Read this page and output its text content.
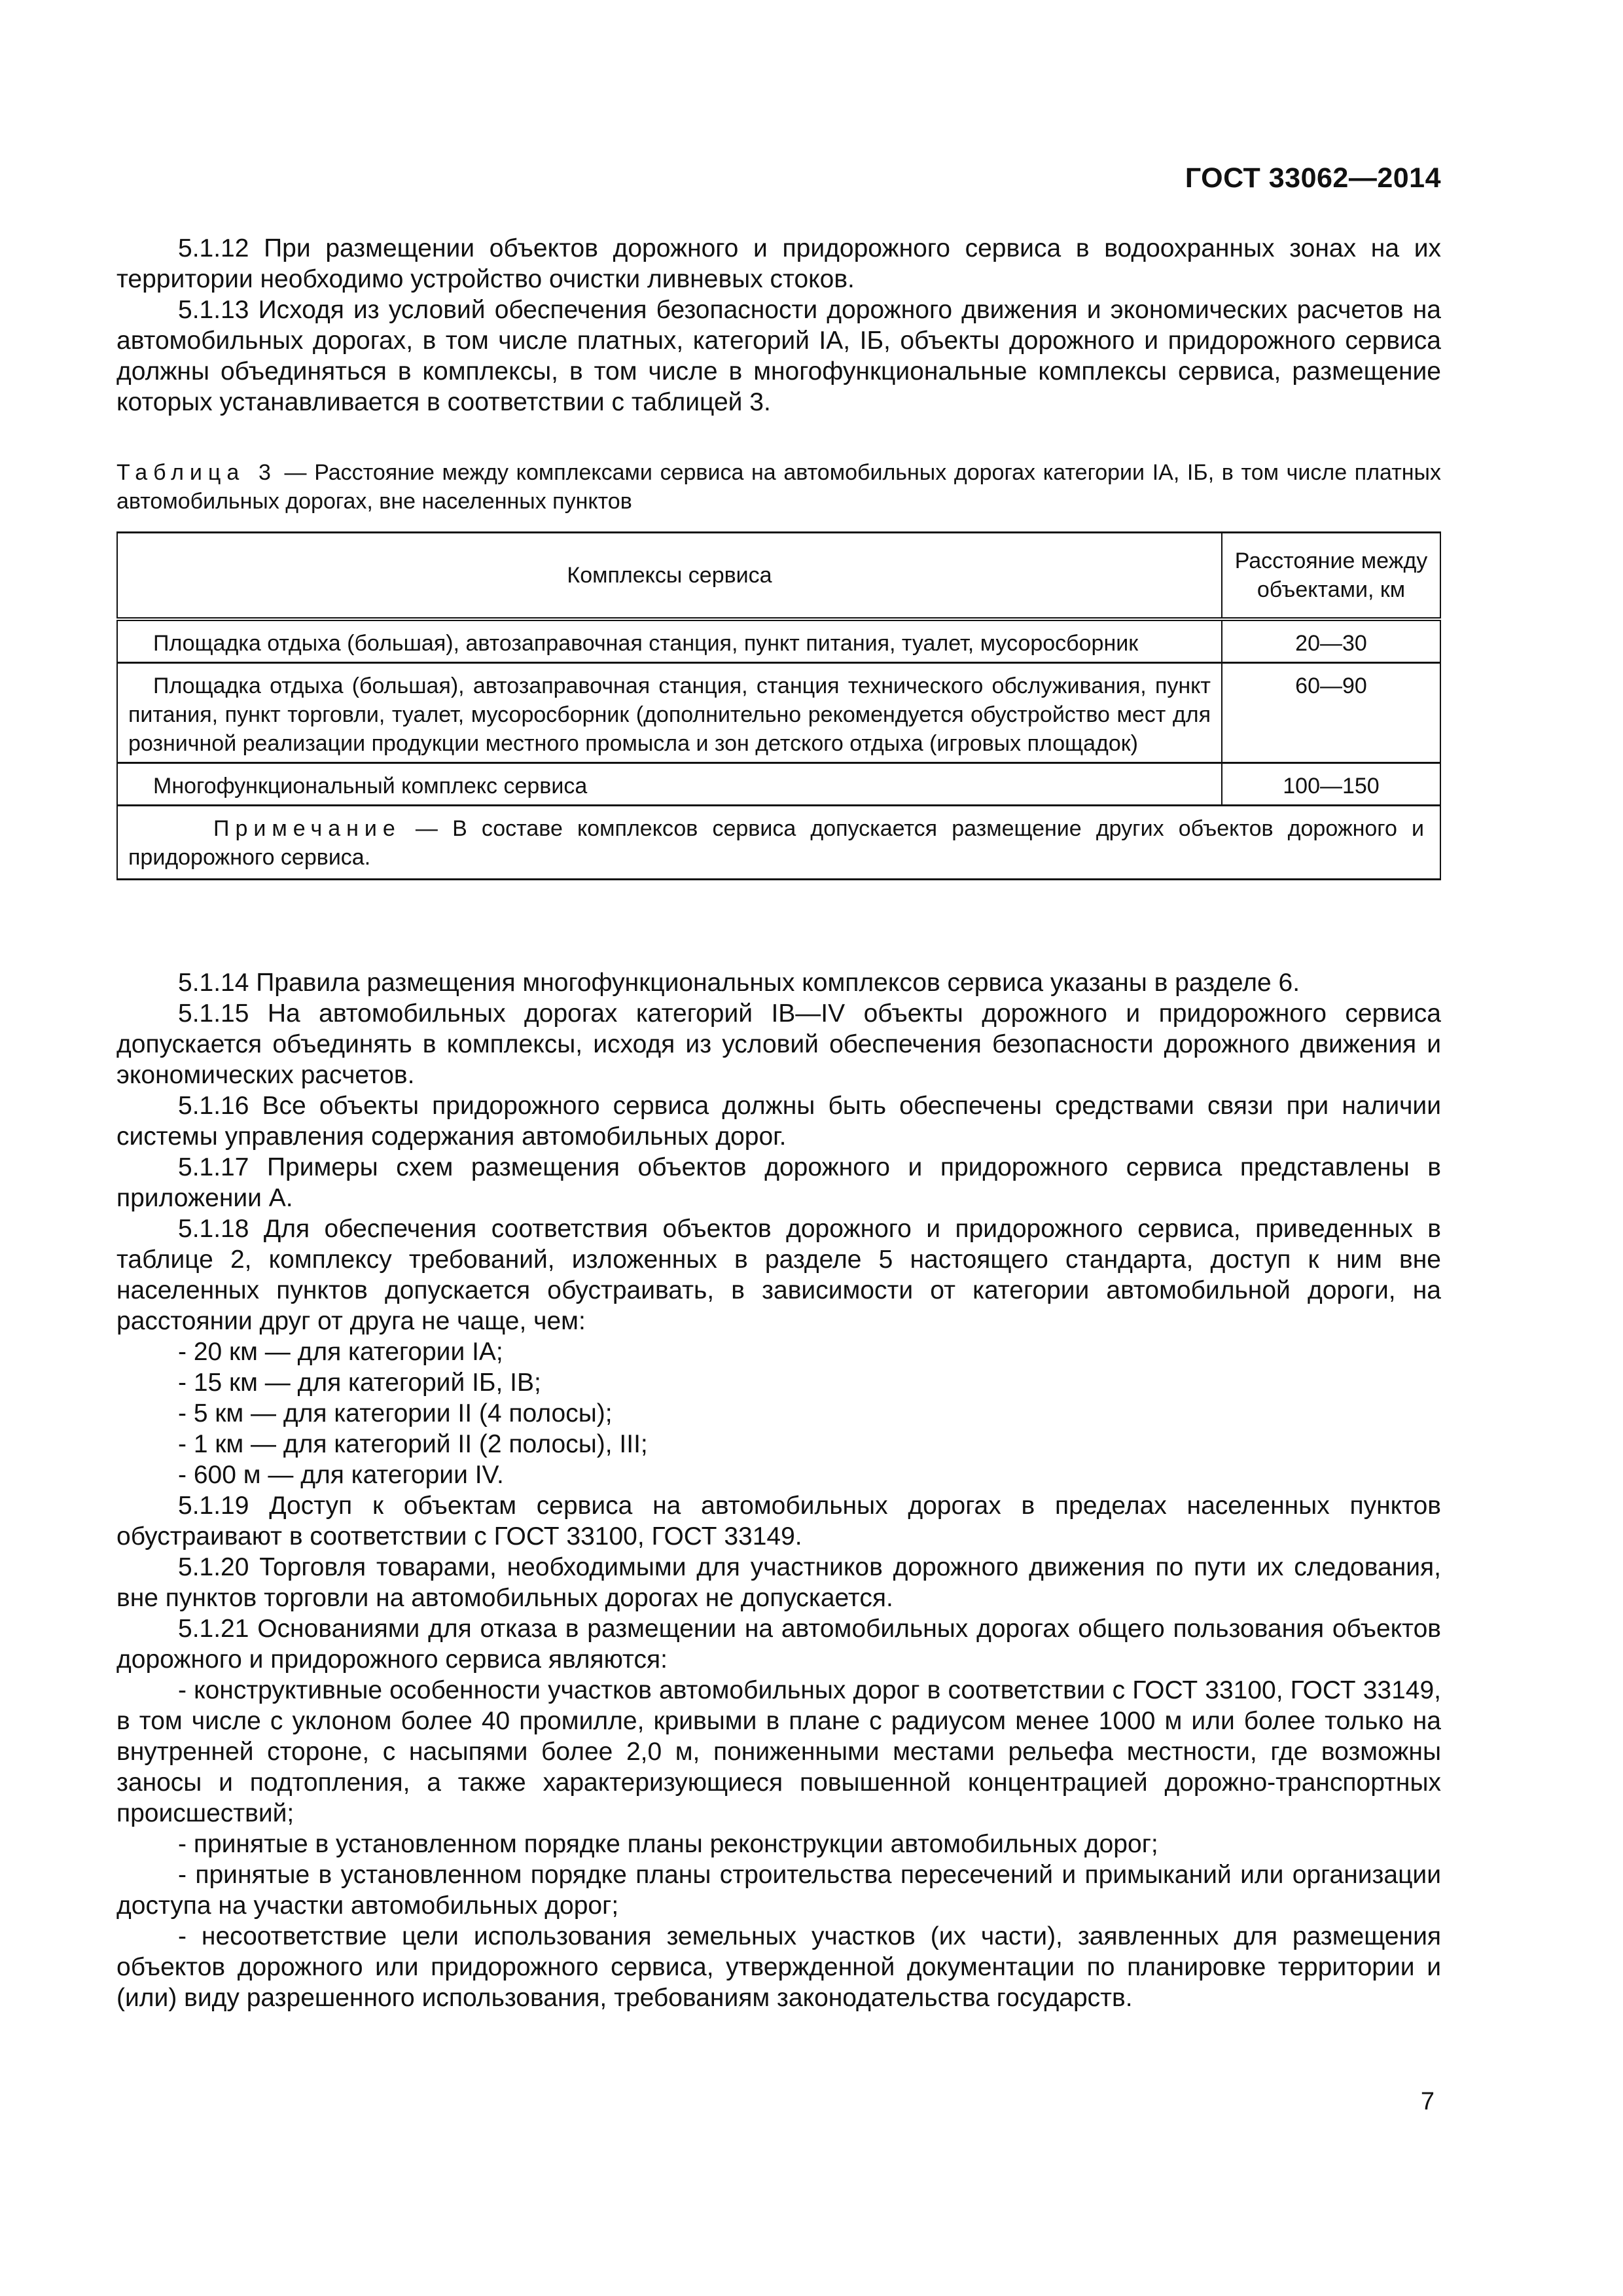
ГОСТ 33062—2014

5.1.12 При размещении объектов дорожного и придорожного сервиса в водоохранных зонах на их территории необходимо устройство очистки ливневых стоков.

5.1.13 Исходя из условий обеспечения безопасности дорожного движения и экономических расчетов на автомобильных дорогах, в том числе платных, категорий IА, IБ, объекты дорожного и придорожного сервиса должны объединяться в комплексы, в том числе в многофункциональные комплексы сервиса, размещение которых устанавливается в соответствии с таблицей 3.

Таблица 3 — Расстояние между комплексами сервиса на автомобильных дорогах категории IА, IБ, в том числе платных автомобильных дорогах, вне населенных пунктов

Комплексы сервиса	Расстояние между объектами, км
Площадка отдыха (большая), автозаправочная станция, пункт питания, туалет, мусоросборник	20—30
Площадка отдыха (большая), автозаправочная станция, станция технического обслуживания, пункт питания, пункт торговли, туалет, мусоросборник (дополнительно рекомендуется обустройство мест для розничной реализации продукции местного промысла и зон детского отдыха (игровых площадок)	60—90
Многофункциональный комплекс сервиса	100—150
Примечание — В составе комплексов сервиса допускается размещение других объектов дорожного и придорожного сервиса.	

5.1.14 Правила размещения многофункциональных комплексов сервиса указаны в разделе 6.

5.1.15 На автомобильных дорогах категорий IВ—IV объекты дорожного и придорожного сервиса допускается объединять в комплексы, исходя из условий обеспечения безопасности дорожного движения и экономических расчетов.

5.1.16 Все объекты придорожного сервиса должны быть обеспечены средствами связи при наличии системы управления содержания автомобильных дорог.

5.1.17 Примеры схем размещения объектов дорожного и придорожного сервиса представлены в приложении А.

5.1.18 Для обеспечения соответствия объектов дорожного и придорожного сервиса, приведенных в таблице 2, комплексу требований, изложенных в разделе 5 настоящего стандарта, доступ к ним вне населенных пунктов допускается обустраивать, в зависимости от категории автомобильной дороги, на расстоянии друг от друга не чаще, чем:

- 20 км — для категории IА;

- 15 км — для категорий IБ, IВ;

- 5 км — для категории II (4 полосы);

- 1 км — для категорий II (2 полосы), III;

- 600 м — для категории IV.

5.1.19 Доступ к объектам сервиса на автомобильных дорогах в пределах населенных пунктов обустраивают в соответствии с ГОСТ 33100, ГОСТ 33149.

5.1.20 Торговля товарами, необходимыми для участников дорожного движения по пути их следования, вне пунктов торговли на автомобильных дорогах не допускается.

5.1.21 Основаниями для отказа в размещении на автомобильных дорогах общего пользования объектов дорожного и придорожного сервиса являются:

- конструктивные особенности участков автомобильных дорог в соответствии с ГОСТ 33100, ГОСТ 33149, в том числе с уклоном более 40 промилле, кривыми в плане с радиусом менее 1000 м или более только на внутренней стороне, с насыпями более 2,0 м, пониженными местами рельефа местности, где возможны заносы и подтопления, а также характеризующиеся повышенной концентрацией дорожно-транспортных происшествий;

- принятые в установленном порядке планы реконструкции автомобильных дорог;

- принятые в установленном порядке планы строительства пересечений и примыканий или организации доступа на участки автомобильных дорог;

- несоответствие цели использования земельных участков (их части), заявленных для размещения объектов дорожного или придорожного сервиса, утвержденной документации по планировке территории и (или) виду разрешенного использования, требованиям законодательства государств.

7
